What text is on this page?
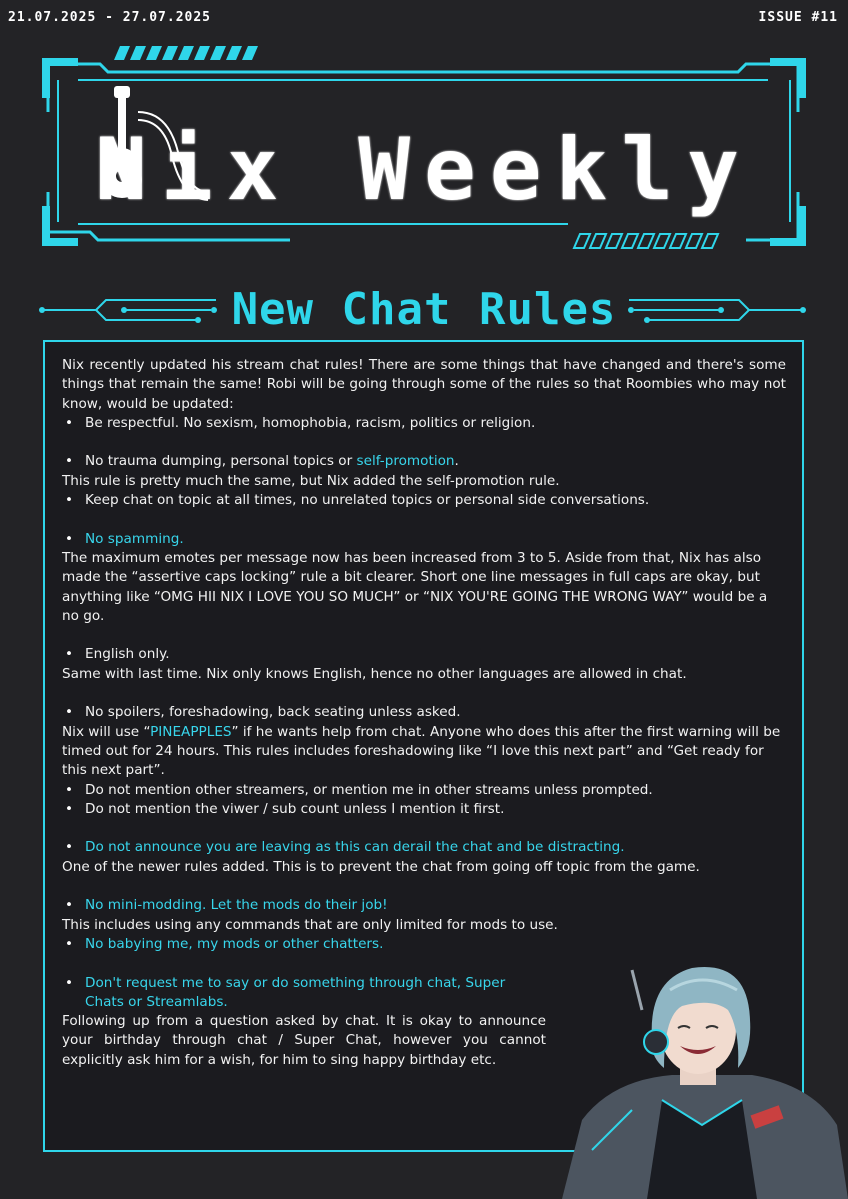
21.07.2025 - 27.07.2025	ISSUE #11
Nix Weekly
New Chat Rules

Nix recently updated his stream chat rules! There are some things that have changed and there's some things that remain the same! Robi will be going through some of the rules so that Roombies who may not know, would be updated:

• Be respectful. No sexism, homophobia, racism, politics or religion.

• No trauma dumping, personal topics or self-promotion.

This rule is pretty much the same, but Nix added the self-promotion rule.

• Keep chat on topic at all times, no unrelated topics or personal side conversations.

• No spamming.

The maximum emotes per message now has been increased from 3 to 5. Aside from that, Nix has also made the “assertive caps locking” rule a bit clearer. Short one line messages in full caps are okay, but anything like “OMG HII NIX I LOVE YOU SO MUCH” or “NIX YOU'RE GOING THE WRONG WAY” would be a no go.

• English only.

Same with last time. Nix only knows English, hence no other languages are allowed in chat.

• No spoilers, foreshadowing, back seating unless asked.

Nix will use “PINEAPPLES” if he wants help from chat. Anyone who does this after the first warning will be timed out for 24 hours. This rules includes foreshadowing like “I love this next part” and “Get ready for this next part”.

• Do not mention other streamers, or mention me in other streams unless prompted.

• Do not mention the viwer / sub count unless I mention it first.

• Do not announce you are leaving as this can derail the chat and be distracting.

One of the newer rules added. This is to prevent the chat from going off topic from the game.

• No mini-modding. Let the mods do their job!

This includes using any commands that are only limited for mods to use.

• No babying me, my mods or other chatters.

• Don't request me to say or do something through chat, Super Chats or Streamlabs.

Following up from a question asked by chat. It is okay to announce your birthday through chat / Super Chat, however you cannot explicitly ask him for a wish, for him to sing happy birthday etc.
